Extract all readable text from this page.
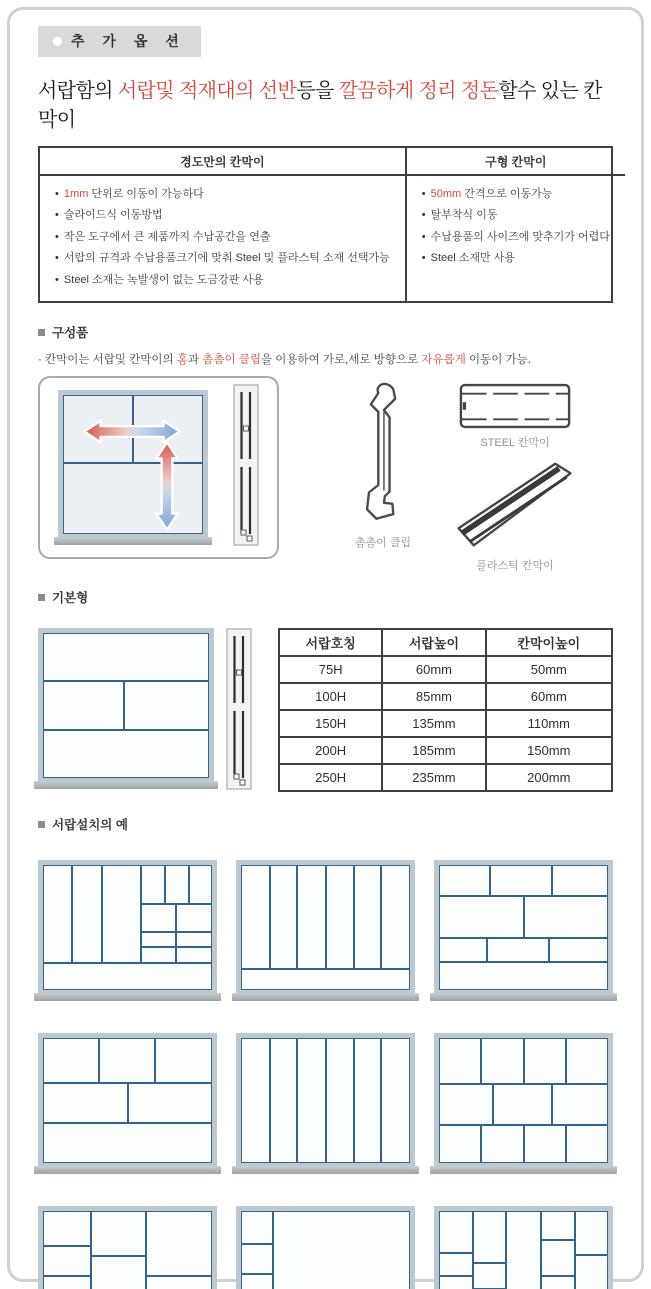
추 가 옵 션
서랍함의 서랍및 적재대의 선반등을 깔끔하게 정리 정돈할수 있는 칸막이
경도만의 칸막이
• 1mm 단위로 이동이 가능하다
• 슬라이드식 이동방법
• 작은 도구에서 큰 제품까지 수납공간을 연출
• 서랍의 규격과 수납용품크기에 맞춰 Steel 및 플라스틱 소재 선택가능
• Steel 소재는 녹발생이 없는 도금강판 사용
구형 칸막이
• 50mm 간격으로 이동가능
• 탈부착식 이동
• 수납용품의 사이즈에 맞추기가 어렵다
• Steel 소재만 사용
구성품
· 칸막이는 서랍및 칸막이의 홈과 촘촘이 클립을 이용하여 가로,세로 방향으로 자유롭게 이동이 가능.
촘촘이 클립
STEEL 칸막이
플라스틱 칸막이
기본형
서랍호칭	서랍높이	칸막이높이
75H	60mm	50mm
100H	85mm	60mm
150H	135mm	110mm
200H	185mm	150mm
250H	235mm	200mm
서랍설치의 예
